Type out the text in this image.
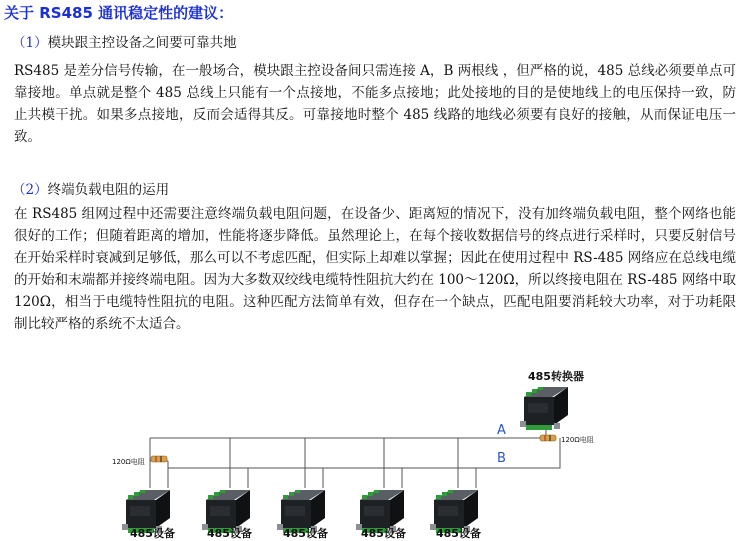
关于 RS485 通讯稳定性的建议：
（1）模块跟主控设备之间要可靠共地
RS485 是差分信号传输，在一般场合，模块跟主控设备间只需连接 A，B 两根线 ，但严格的说，485 总线必须要单点可靠接地。单点就是整个 485 总线上只能有一个点接地，不能多点接地；此处接地的目的是使地线上的电压保持一致，防止共模干扰。如果多点接地，反而会适得其反。可靠接地时整个 485 线路的地线必须要有良好的接触，从而保证电压一致。
（2）终端负载电阻的运用
在 RS485 组网过程中还需要注意终端负载电阻问题，在设备少、距离短的情况下，没有加终端负载电阻，整个网络也能很好的工作；但随着距离的增加，性能将逐步降低。虽然理论上，在每个接收数据信号的终点进行采样时，只要反射信号在开始采样时衰减到足够低，那么可以不考虑匹配，但实际上却难以掌握；因此在使用过程中 RS-485 网络应在总线电缆的开始和末端都并接终端电阻。因为大多数双绞线电缆特性阻抗大约在 100～120Ω，所以终接电阻在 RS-485 网络中取 120Ω，相当于电缆特性阻抗的电阻。这种匹配方法简单有效，但存在一个缺点，匹配电阻要消耗较大功率，对于功耗限制比较严格的系统不太适合。
120Ω电阻
120Ω电阻
A
B
485转换器
485设备	485设备	485设备	485设备	485设备
